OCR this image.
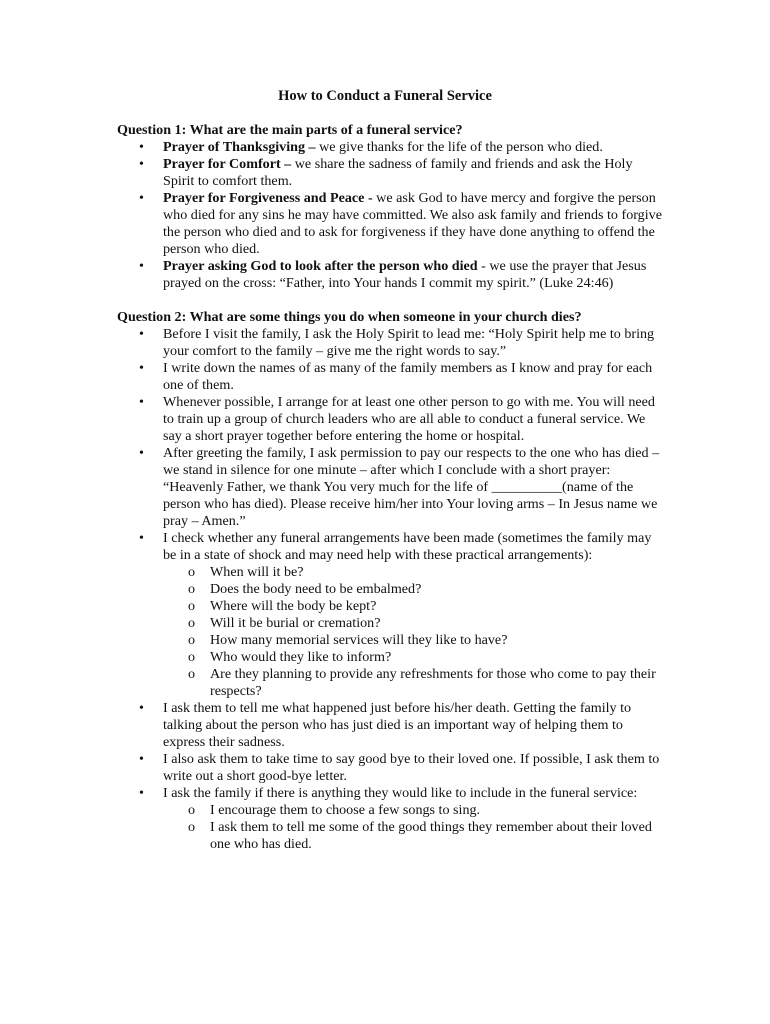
How to Conduct a Funeral Service

Question 1: What are the main parts of a funeral service?

• Prayer of Thanksgiving – we give thanks for the life of the person who died.
• Prayer for Comfort – we share the sadness of family and friends and ask the Holy Spirit to comfort them.
• Prayer for Forgiveness and Peace - we ask God to have mercy and forgive the person who died for any sins he may have committed. We also ask family and friends to forgive the person who died and to ask for forgiveness if they have done anything to offend the person who died.
• Prayer asking God to look after the person who died - we use the prayer that Jesus prayed on the cross: “Father, into Your hands I commit my spirit.” (Luke 24:46)

Question 2: What are some things you do when someone in your church dies?

• Before I visit the family, I ask the Holy Spirit to lead me: “Holy Spirit help me to bring your comfort to the family – give me the right words to say.”
• I write down the names of as many of the family members as I know and pray for each one of them.
• Whenever possible, I arrange for at least one other person to go with me. You will need to train up a group of church leaders who are all able to conduct a funeral service. We say a short prayer together before entering the home or hospital.
• After greeting the family, I ask permission to pay our respects to the one who has died – we stand in silence for one minute – after which I conclude with a short prayer: “Heavenly Father, we thank You very much for the life of __________(name of the person who has died). Please receive him/her into Your loving arms – In Jesus name we pray – Amen.”
• I check whether any funeral arrangements have been made (sometimes the family may be in a state of shock and may need help with these practical arrangements):
o When will it be?
o Does the body need to be embalmed?
o Where will the body be kept?
o Will it be burial or cremation?
o How many memorial services will they like to have?
o Who would they like to inform?
o Are they planning to provide any refreshments for those who come to pay their respects?
• I ask them to tell me what happened just before his/her death. Getting the family to talking about the person who has just died is an important way of helping them to express their sadness.
• I also ask them to take time to say good bye to their loved one. If possible, I ask them to write out a short good-bye letter.
• I ask the family if there is anything they would like to include in the funeral service:
o I encourage them to choose a few songs to sing.
o I ask them to tell me some of the good things they remember about their loved one who has died.
